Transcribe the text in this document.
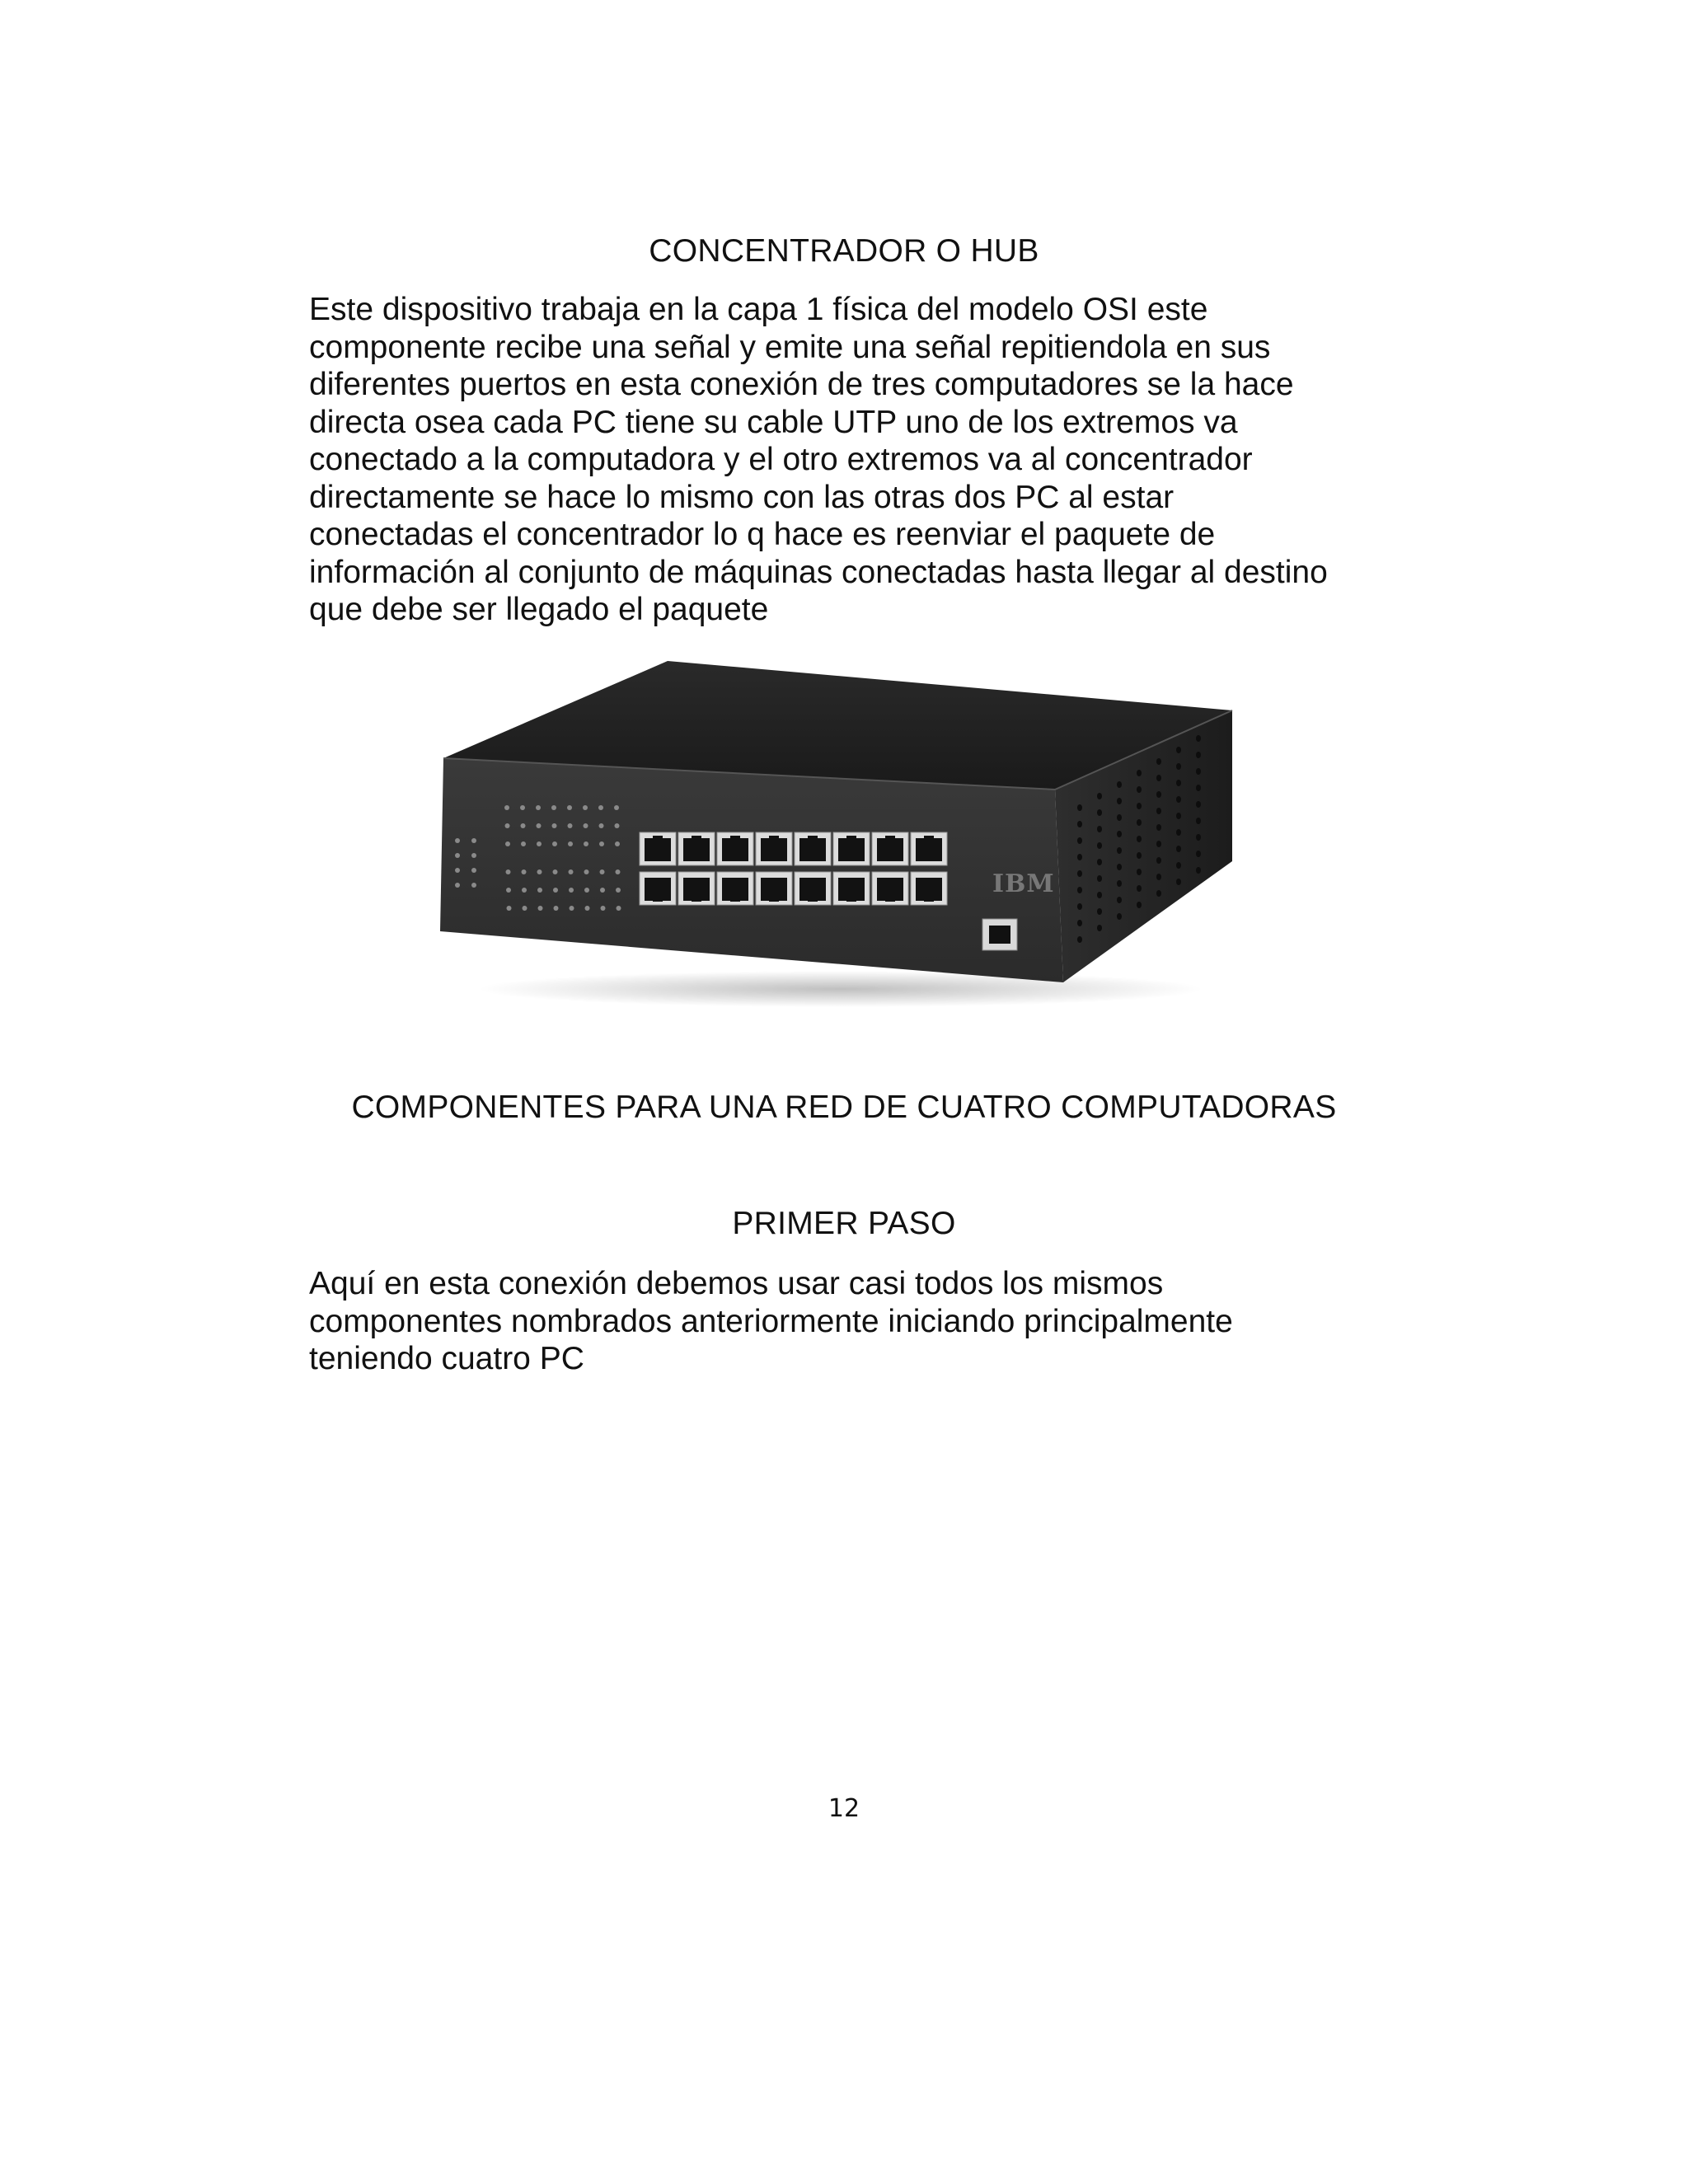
CONCENTRADOR O HUB

Este dispositivo trabaja en la capa 1 física del modelo OSI este
componente recibe una señal y emite una señal repitiendola en sus
diferentes puertos en esta conexión de tres computadores se la hace
directa osea cada PC tiene su cable UTP uno de los extremos va
conectado a la computadora y el otro extremos va al concentrador
directamente se hace lo mismo con las otras dos PC al estar
conectadas el concentrador lo q hace es reenviar el paquete de
información al conjunto de máquinas conectadas hasta llegar al destino
que debe ser llegado el paquete

IBM
COMPONENTES PARA UNA RED DE CUATRO COMPUTADORAS
PRIMER PASO

Aquí en esta conexión debemos usar casi todos los mismos
componentes nombrados anteriormente iniciando principalmente
teniendo cuatro PC

12
